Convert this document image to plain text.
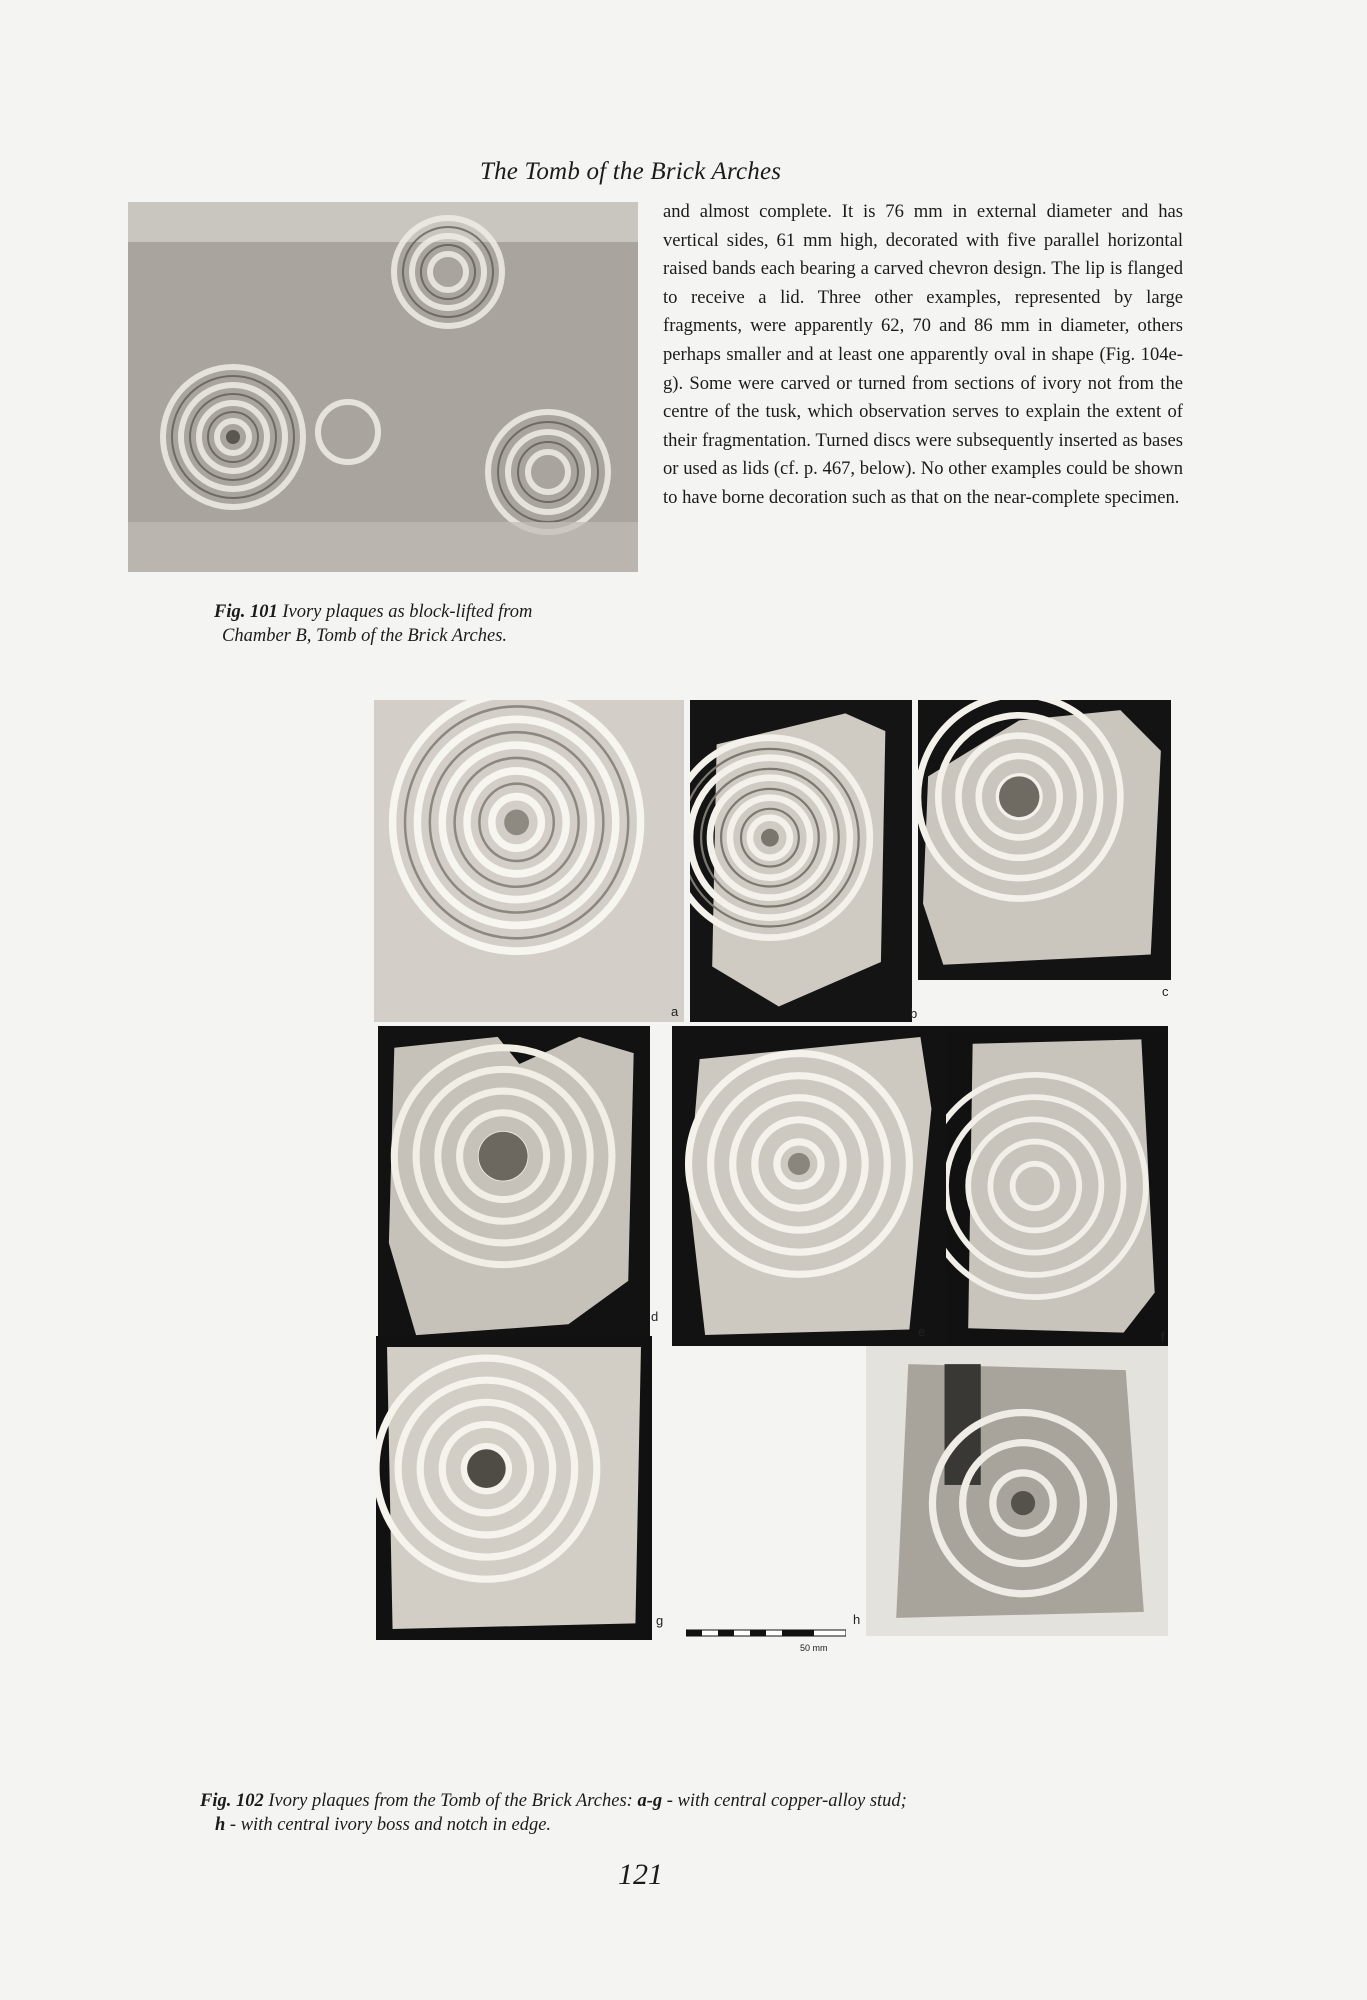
The Tomb of the Brick Arches
and almost complete. It is 76 mm in external diameter and has vertical sides, 61 mm high, decorated with five parallel horizontal raised bands each bearing a carved chevron design. The lip is flanged to receive a lid. Three other examples, represented by large fragments, were apparently 62, 70 and 86 mm in diameter, others perhaps smaller and at least one apparently oval in shape (Fig. 104e-g). Some were carved or turned from sections of ivory not from the centre of the tusk, which observation serves to explain the extent of their fragmentation. Turned discs were subsequently inserted as bases or used as lids (cf. p. 467, below). No other examples could be shown to have borne decoration such as that on the near-complete specimen.
Fig. 101 Ivory plaques as block-lifted from
Chamber B, Tomb of the Brick Arches.
a	b
c
d
e	f
g	h
50 mm
Fig. 102 Ivory plaques from the Tomb of the Brick Arches: a-g - with central copper-alloy stud;
h - with central ivory boss and notch in edge.
121
